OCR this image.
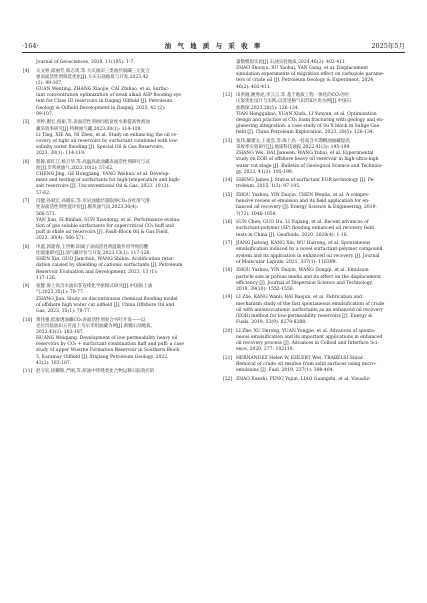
·164·	油 气 地 质 与 采 收 率	2025年5月
Journal of Geosciences, 2018, 11(195): 1-7.
[4]	关文婷,霍丽芳,蔡志勇,等.大庆油田三类油层弱碱三元复合
驱表面活性剂筛选优化[J].大庆石油地质与开发,2023,42
(2): 99-107.
GUAN Wenting, ZHANG Xiaojie, CAI Zhihao, et al. Surfac-
tant concentration optimization of weak alkali ASP flooding sys-
tem for Class III reservoirs in Daqing Oilfield [J]. Petroleum
Geology & Oilfield Development in Daqing, 2023, 42 (2):
99-107.
[5]	李婷,谢宏,倪振,等.表面活性剂协同低盐度水驱提高致密油
藏采收率研究[J].特种油气藏,2023,30(1): 114-119.
LI Ting, XIE An, NI Zhen, et al. Study on enhancing the oil re-
covery of tight oil reservoirs by surfactant combined with low-
salinity water flooding [J]. Special Oil & Gas Reservoirs,
2023, 30(1): 114-119.
[6]	程静,葛红江,杨卫华,等.高温高盐油藏表面活性剂研究与试
验[J].非常规油气,2023,10(2): 57-62.
CHENG Jing, GE Hongjiang, YANG Weihua, et al. Develop-
ment and testing of surfactants for high-temperature and high-
salt reservoirs [J]. Unconventional Oil & Gas, 2023, 10 (2):
57-62.
[7]	闫健,孙斌宏,孙晓东,等.页岩油储层超临界CO₂吞吐用气溶
性表面活性剂性能评价[J].断块油气田,2023,30(4):
566-571.
YAN Jian, SI Binlian, SUN Xiaodong, et al. Performance evalua-
tion of gas soluble surfactants for supercritical CO₂ huff and
puff in shale oil reservoirs [J]. Fault-Block Oil & Gas Field,
2023, 30(4): 566-571.
[8]	申鑫,郭建春,王世彬.阳离子表面活性剂温敏作用导致的酸
化缓速研究[J].油气藏评价与开发,2023,13(1): 117-126.
SHEN Xin, GUO Jianchun, WANG Shibin. Acidification retar-
dation caused by shielding of cationic surfactants [J]. Petroleum
Reservoir Evaluation and Development, 2023, 13 (1):
117-126.
[9]	张健.海上高含水油田非连续化学驱模式研究[J].中国海上油
气,2023,35(1): 70-77.
ZHANG Jian. Study on discontinuous chemical flooding model
of offshore high water cut oilfield [J]. China Offshore Oil and
Gas, 2023, 35(1): 70-77.
[10] 黄伟强,低渗透油藏CO₂表面活性剂复合吞吐开发——以
克拉玛依油田五区南上乌尔禾组油藏为例[J].新疆石油地质,
2022,43(2): 183-187.
HUANG Weiqiang. Development of low-permeability heavy oil
reservoirs by CO₂ + surfactant combination huff and puff: a case
study of upper Wuerhe Formation Reservoir in Southern Block
5, Karamay Oilfield [J]. Xinjiang Petroleum Geology, 2022,
43(2): 183-187.
[11] 赵守钰,徐耀辉,严刚,等.原油中咔唑类化合物运移示踪效应的
量数模拟实验[J].石油实验地质,2024,46(2): 402-411.
ZHAO Shouyu, XU Yaohui, YAN Gang, et al. Displacement
simulation experiments of migration effect on carbazole parame-
ters of crude oil [J]. Petroleum Geology & Experiment, 2024,
46(2): 402-411.
[12] 田洪刚,姚秀虎,李云云,等.基于地质工程一体化的CO₂吞吐
压裂优化设计与实践:以苏里格气田苏X区块为例[J].中国石
油勘探,2023,28(5): 126-134.
TIAN Honggahao, YUAN Xiufa, LI Yunyun, et al. Optimization
design and practice of CO₂ foam fracturing with geology and en-
gineering integration: a case study of Su X block in Sulige Gas-
field [J]. China Petroleum Exploration, 2023, 28(5): 126-134.
[13] 张伟,戴建文,王東会,等.海上高一特高含水期稠油油藏提高
采收率实验研究[J].地质科技通报,2022,41(3): 195-199.
ZHANG Wei, DAI Jianwen, WANG Yuhui, et al. Experimental
study on EOR of offshore heavy oil reservoir in high-ultra-high
water cut stage [J]. Bulletin of Geological Science and Technolo-
gy, 2022, 41(3): 195-199.
[14] SHENG James J. Status of surfactant EOR technology [J]. Pe-
troleum, 2015, 1(2): 97-105.
[15] ZHOU Yazhou, YIN Daiyin, CHEN Wenlin, et al. A compre-
hensive review of emulsion and its field application for en-
hanced oil recovery [J]. Energy Science & Engineering, 2019,
7(72): 1046-1058.
[16] SUN Chen, GUO Hu, LI Yiqiang, et al. Recent advances of
surfactant-polymer (SP) flooding enhanced oil recovery field
tests in China [J]. Geofluids, 2020, 2020(4): 1-16.
[17] JIANG Jiatong, KANG Xin, WU Hairong, et al. Spontaneous
emulsification induced by a novel surfactant-polymer compound
system and its application in enhanced oil recovery [J]. Journal
of Molecular Liquids, 2021, 337(1): 116399.
[18] ZHOU Yazhou, YIN Daiyin, WANG Dongqi, et al. Emulsion
particle size in porous media and its effect on the displacement
efficiency [J]. Journal of Dispersion Science and Technology,
2018, 39(10): 1552-1556.
[19] LI Zhe, KANG Wanli, BAI Baojun, et al. Fabrication and
mechanism study of the fast spontaneous emulsification of crude
oil with anionic/cationic surfactants as an enhanced oil recovery
(EOR) method for low-permeability reservoirs [J]. Energy &
Fuels, 2019, 33(9): 8279-8288.
[20] LI Zhe, XU Derong, YUAN Yongjie, et al. Advances of sponta-
neous emulsification and its important applications in enhanced
oil recovery process [J]. Advances in Colloid and Interface Sci-
ence, 2020, 277: 102119.
[21] HERNANDEZ Helen W, EHLERT Wes, TRABELSI Siwar.
Removal of crude oil residue from solid surfaces using micro-
emulsions [J]. Fuel, 2019, 237(1): 398-404.
[22] ZHAO Xuezhi, FENG Yujun, LIAO Guangzhi, et al. Visualiz-
